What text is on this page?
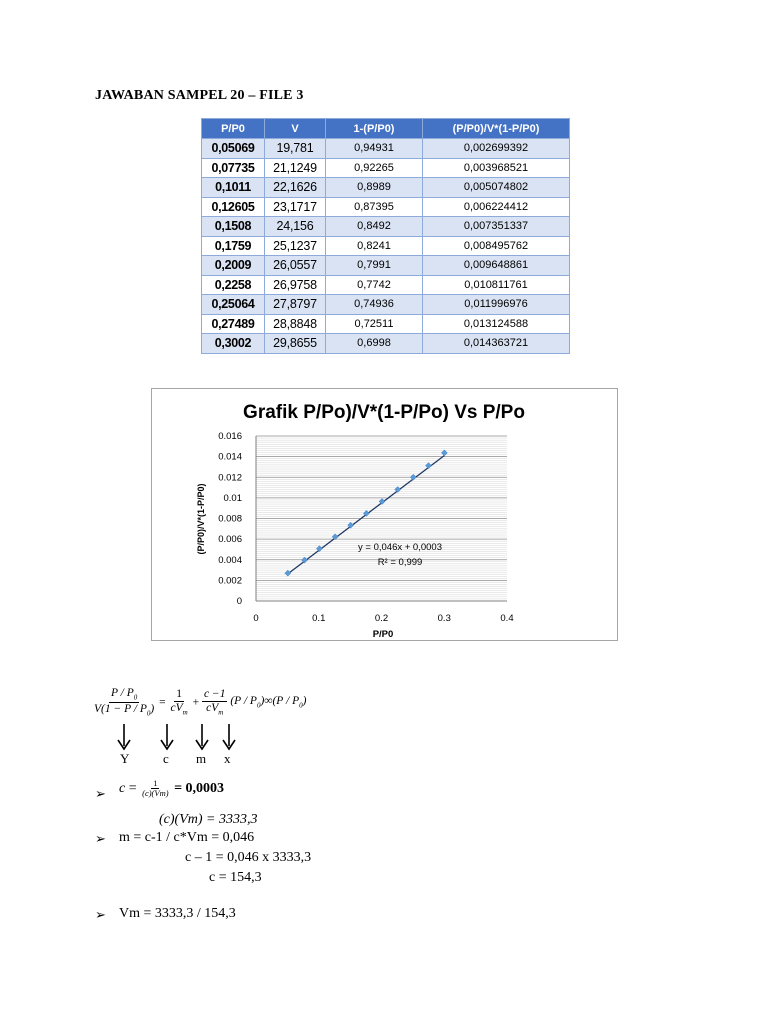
JAWABAN SAMPEL 20 – FILE 3
P/P0	V	1-(P/P0)	(P/P0)/V*(1-P/P0)
0,05069	19,781	0,94931	0,002699392
0,07735	21,1249	0,92265	0,003968521
0,1011	22,1626	0,8989	0,005074802
0,12605	23,1717	0,87395	0,006224412
0,1508	24,156	0,8492	0,007351337
0,1759	25,1237	0,8241	0,008495762
0,2009	26,0557	0,7991	0,009648861
0,2258	26,9758	0,7742	0,010811761
0,25064	27,8797	0,74936	0,011996976
0,27489	28,8848	0,72511	0,013124588
0,3002	29,8655	0,6998	0,014363721
Grafik P/Po)/V*(1-P/Po) Vs P/Po
0
0.002
0.004
0.006
0.008
0.01
0.012
0.014
0.016
0	0.1	0.2	0.3	0.4
y = 0,046x + 0,0003
R² = 0,999
P/P0
(P/P0)/V*(1-P/P0)
$\frac{P / P_0}{V(1 - P / P_0)} = \frac{1}{cV_m} + \frac{c -1}{cV_m} (P / P_0)\infty(P / P_0)$
Y	c m x
➢ $c = \frac{1}{(c)(Vm)} = 0,0003$
(c)(Vm) = 3333,3
➢ m = c-1 / c*Vm = 0,046
c – 1 = 0,046 x 3333,3
c = 154,3
➢ Vm = 3333,3 / 154,3
